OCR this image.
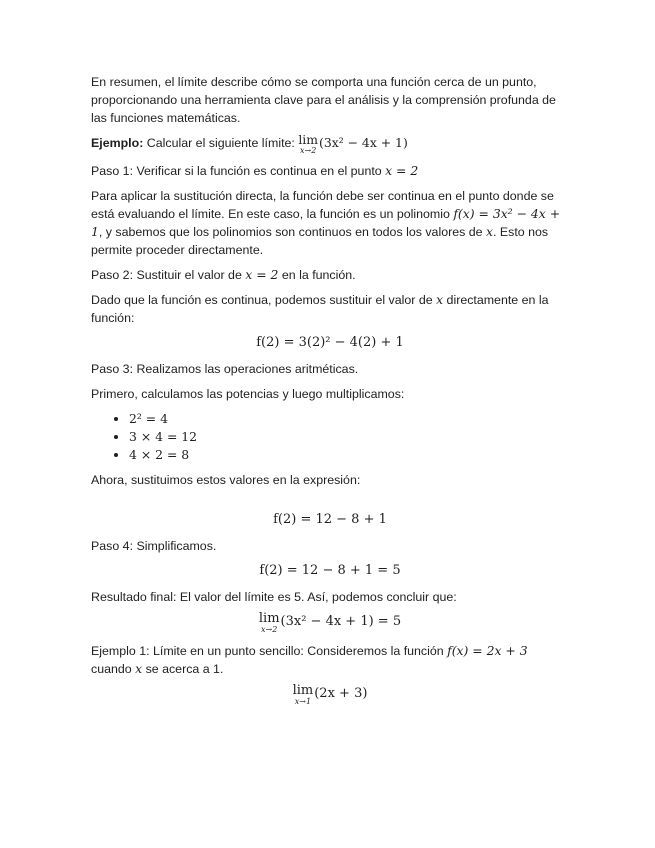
En resumen, el límite describe cómo se comporta una función cerca de un punto, proporcionando una herramienta clave para el análisis y la comprensión profunda de las funciones matemáticas.

Ejemplo: Calcular el siguiente límite: lim
x→2
(3x² − 4x + 1)

Paso 1: Verificar si la función es continua en el punto x = 2

Para aplicar la sustitución directa, la función debe ser continua en el punto donde se está evaluando el límite. En este caso, la función es un polinomio f(x) = 3x² − 4x + 1, y sabemos que los polinomios son continuos en todos los valores de x. Esto nos permite proceder directamente.

Paso 2: Sustituir el valor de x = 2 en la función.

Dado que la función es continua, podemos sustituir el valor de x directamente en la función:

f(2) = 3(2)² − 4(2) + 1

Paso 3: Realizamos las operaciones aritméticas.

Primero, calculamos las potencias y luego multiplicamos:

• 2² = 4
• 3 × 4 = 12
• 4 × 2 = 8

Ahora, sustituimos estos valores en la expresión:

f(2) = 12 − 8 + 1

Paso 4: Simplificamos.

f(2) = 12 − 8 + 1 = 5

Resultado final: El valor del límite es 5. Así, podemos concluir que:

lim
x→2
(3x² − 4x + 1) = 5

Ejemplo 1: Límite en un punto sencillo: Consideremos la función f(x) = 2x + 3 cuando x se acerca a 1.

lim
x→1
(2x + 3)
